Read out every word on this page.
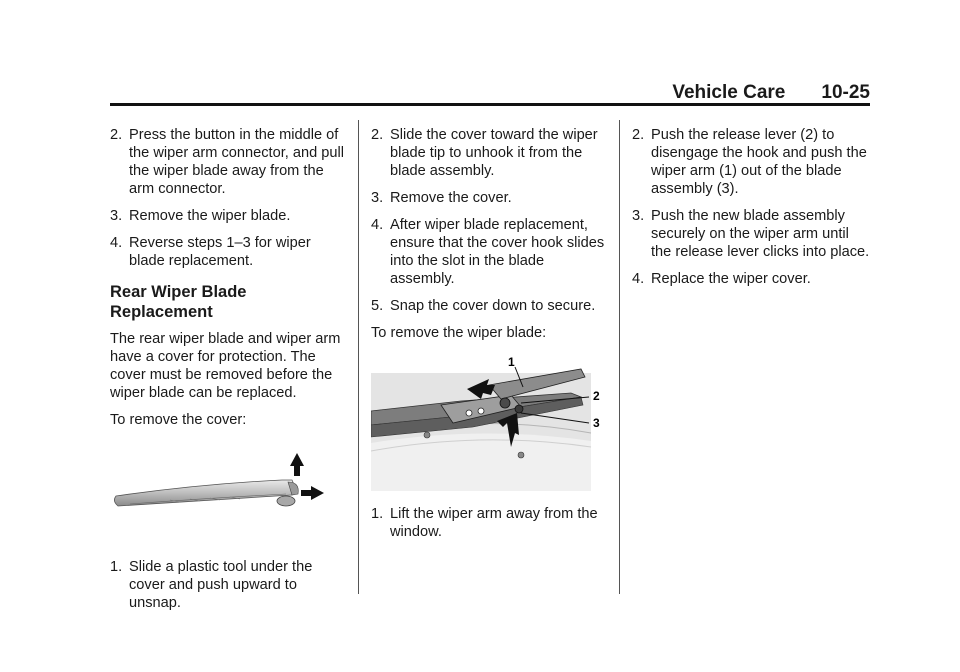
Vehicle Care 10-25
2. Press the button in the middle of the wiper arm connector, and pull the wiper blade away from the arm connector.
3. Remove the wiper blade.
4. Reverse steps 1–3 for wiper blade replacement.
Rear Wiper Blade Replacement

The rear wiper blade and wiper arm have a cover for protection. The cover must be removed before the wiper blade can be replaced.

To remove the cover:

1. Slide a plastic tool under the cover and push upward to unsnap.
2. Slide the cover toward the wiper blade tip to unhook it from the blade assembly.
3. Remove the cover.
4. After wiper blade replacement, ensure that the cover hook slides into the slot in the blade assembly.
5. Snap the cover down to secure.

To remove the wiper blade:

1
2
3
1. Lift the wiper arm away from the window.
2. Push the release lever (2) to disengage the hook and push the wiper arm (1) out of the blade assembly (3).
3. Push the new blade assembly securely on the wiper arm until the release lever clicks into place.
4. Replace the wiper cover.
